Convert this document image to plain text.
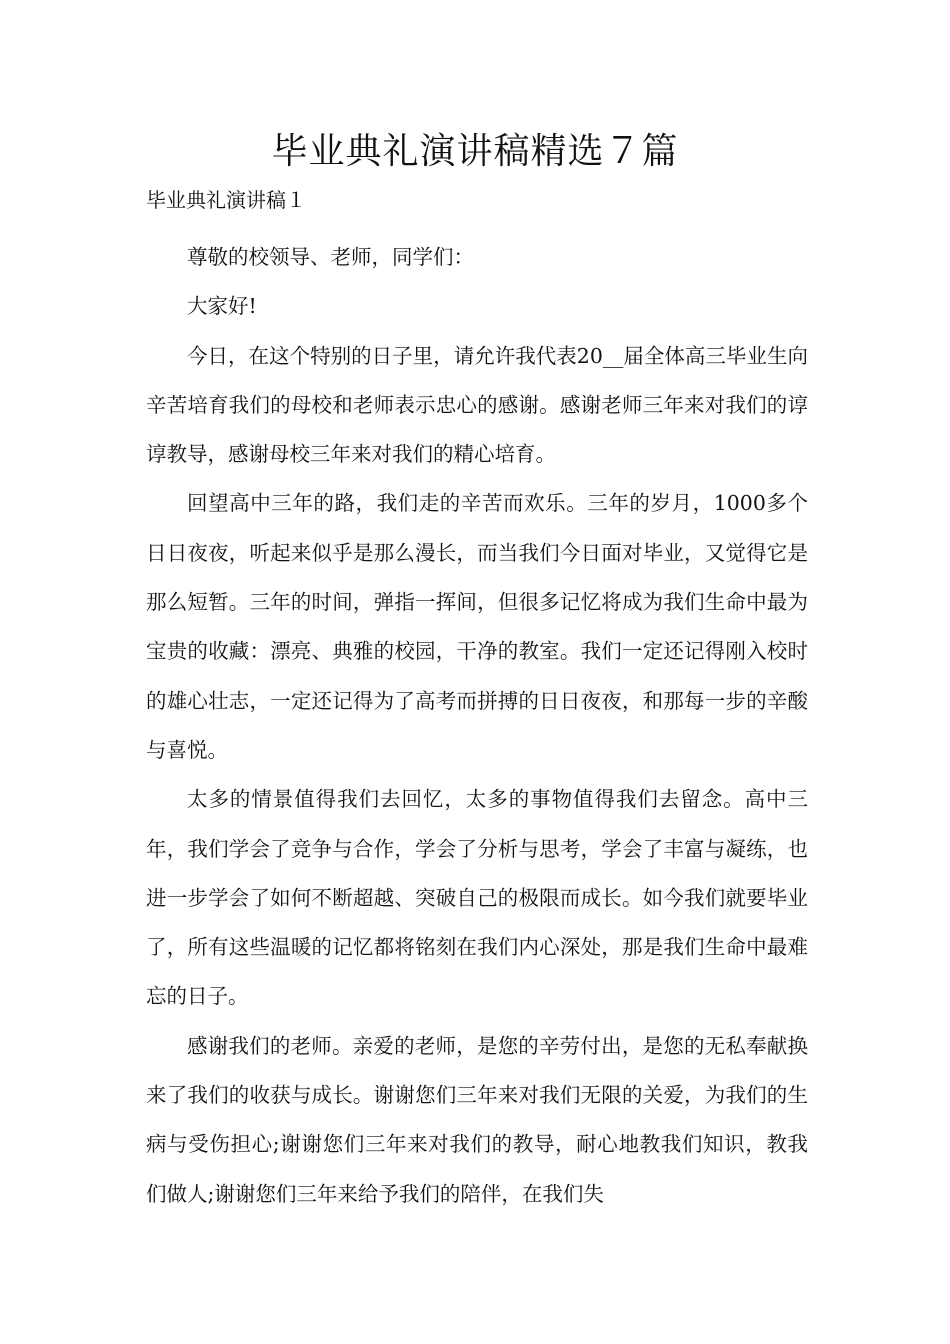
毕业典礼演讲稿精选７篇
毕业典礼演讲稿１

尊敬的校领导、老师，同学们：

大家好!

今日，在这个特别的日子里，请允许我代表20__届全体高三毕业生向辛苦培育我们的母校和老师表示忠心的感谢。感谢老师三年来对我们的谆谆教导，感谢母校三年来对我们的精心培育。

回望高中三年的路，我们走的辛苦而欢乐。三年的岁月，1000多个日日夜夜，听起来似乎是那么漫长，而当我们今日面对毕业，又觉得它是那么短暂。三年的时间，弹指一挥间，但很多记忆将成为我们生命中最为宝贵的收藏：漂亮、典雅的校园，干净的教室。我们一定还记得刚入校时的雄心壮志，一定还记得为了高考而拼搏的日日夜夜，和那每一步的辛酸与喜悦。

太多的情景值得我们去回忆，太多的事物值得我们去留念。高中三年，我们学会了竞争与合作，学会了分析与思考，学会了丰富与凝练，也进一步学会了如何不断超越、突破自己的极限而成长。如今我们就要毕业了，所有这些温暖的记忆都将铭刻在我们内心深处，那是我们生命中最难忘的日子。

感谢我们的老师。亲爱的老师，是您的辛劳付出，是您的无私奉献换来了我们的收获与成长。谢谢您们三年来对我们无限的关爱，为我们的生病与受伤担心;谢谢您们三年来对我们的教导，耐心地教我们知识，教我们做人;谢谢您们三年来给予我们的陪伴，在我们失
